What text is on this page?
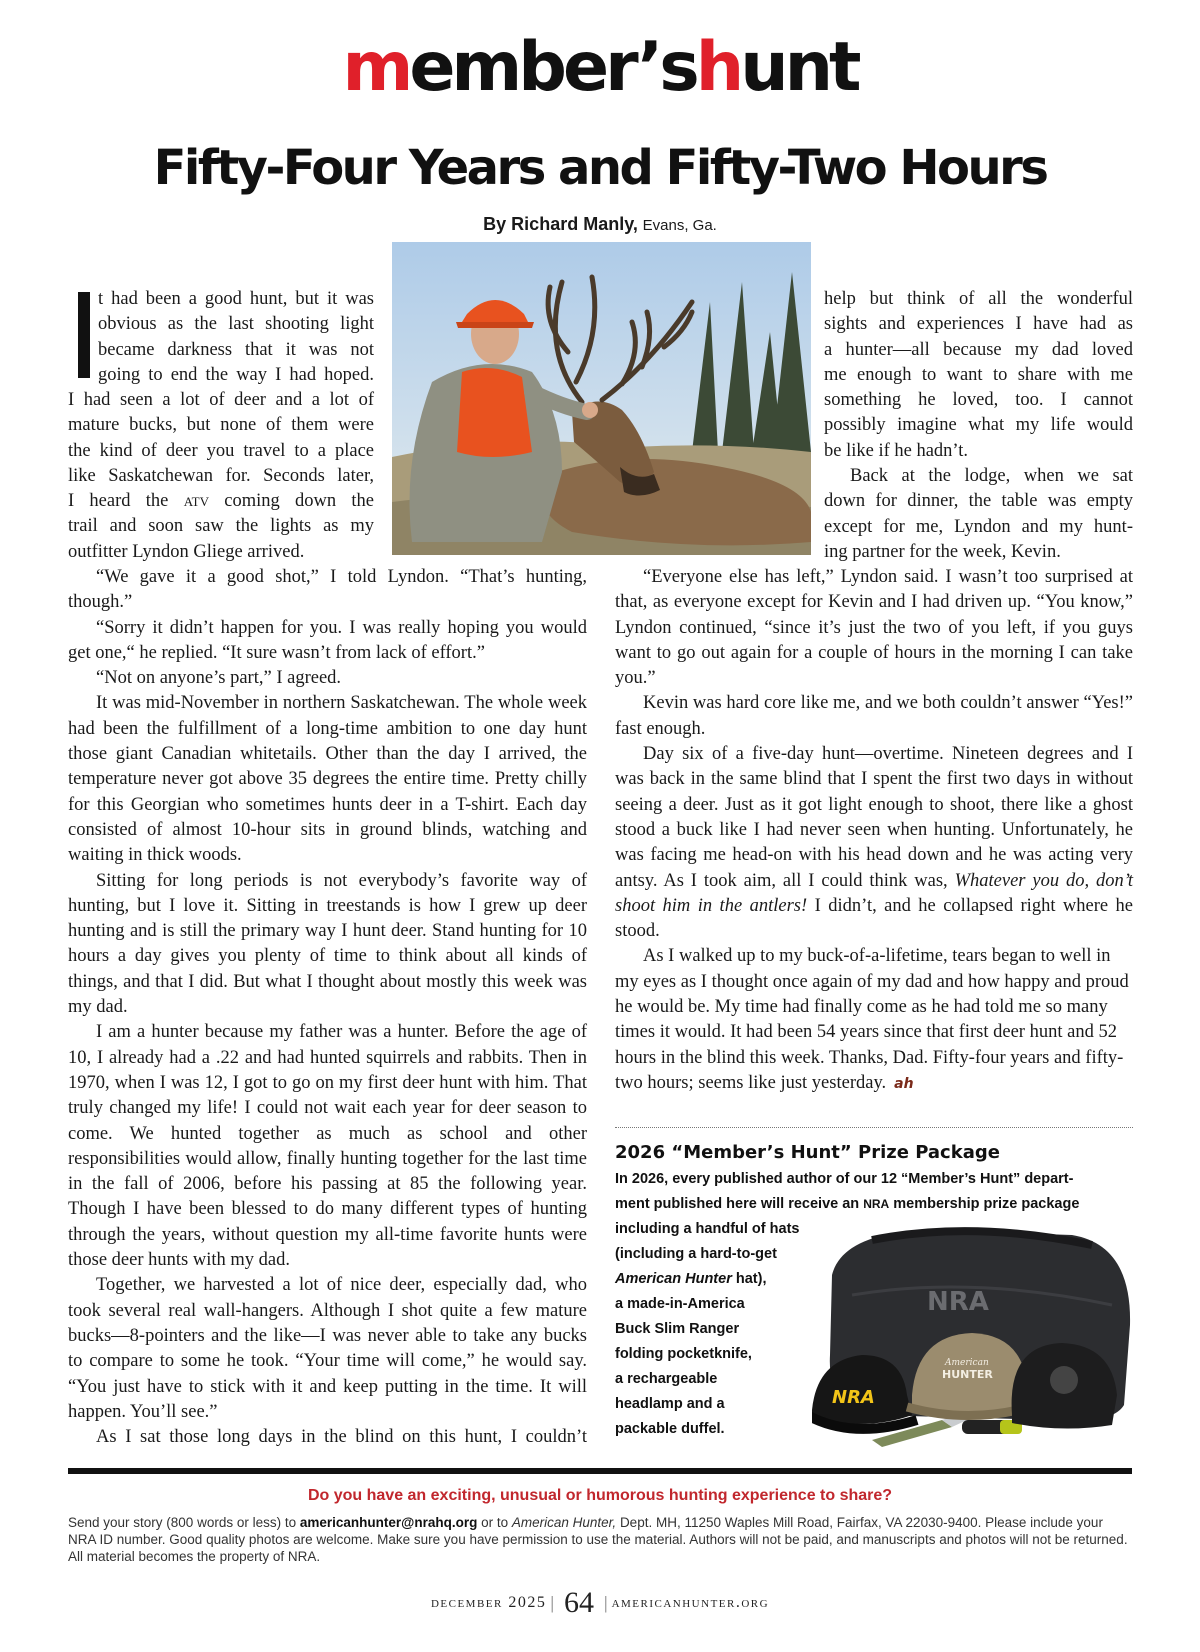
member’shunt
Fifty-Four Years and Fifty-Two Hours
By Richard Manly, Evans, Ga.
t had been a good hunt, but it was
obvious as the last shooting light
became darkness that it was not
going to end the way I had hoped.
I had seen a lot of deer and a lot of
mature bucks, but none of them were
the kind of deer you travel to a place
like Saskatchewan for. Seconds later,
I heard the atv coming down the
trail and soon saw the lights as my
outfitter Lyndon Gliege arrived.

“We gave it a good shot,” I told Lyndon. “That’s hunting, though.”

“Sorry it didn’t happen for you. I was really hoping you would get one,“ he replied. “It sure wasn’t from lack of effort.”

“Not on anyone’s part,” I agreed.

It was mid-November in northern Saskatchewan. The whole week had been the fulfillment of a long-time ambition to one day hunt those giant Canadian whitetails. Other than the day I arrived, the temperature never got above 35 degrees the entire time. Pretty chilly for this Georgian who sometimes hunts deer in a T-shirt. Each day consisted of almost 10-hour sits in ground blinds, watching and waiting in thick woods.

Sitting for long periods is not everybody’s favorite way of hunting, but I love it. Sitting in treestands is how I grew up deer hunting and is still the primary way I hunt deer. Stand hunting for 10 hours a day gives you plenty of time to think about all kinds of things, and that I did. But what I thought about mostly this week was my dad.

I am a hunter because my father was a hunter. Before the age of 10, I already had a .22 and had hunted squirrels and rabbits. Then in 1970, when I was 12, I got to go on my first deer hunt with him. That truly changed my life! I could not wait each year for deer season to come. We hunted together as much as school and other responsibilities would allow, finally hunting together for the last time in the fall of 2006, before his passing at 85 the following year. Though I have been blessed to do many different types of hunting through the years, without question my all-time favorite hunts were those deer hunts with my dad.

Together, we harvested a lot of nice deer, especially dad, who took several real wall-hangers. Although I shot quite a few mature bucks—8-pointers and the like—I was never able to take any bucks to compare to some he took. “Your time will come,” he would say. “You just have to stick with it and keep putting in the time. It will happen. You’ll see.”

As I sat those long days in the blind on this hunt, I couldn’t

help but think of all the wonderful
sights and experiences I have had as
a hunter—all because my dad loved
me enough to want to share with me
something he loved, too. I cannot
possibly imagine what my life would
be like if he hadn’t.
Back at the lodge, when we sat
down for dinner, the table was empty
except for me, Lyndon and my hunt-
ing partner for the week, Kevin.

“Everyone else has left,” Lyndon said. I wasn’t too surprised at that, as everyone except for Kevin and I had driven up. “You know,” Lyndon continued, “since it’s just the two of you left, if you guys want to go out again for a couple of hours in the morning I can take you.”

Kevin was hard core like me, and we both couldn’t answer “Yes!” fast enough.

Day six of a five-day hunt—overtime. Nineteen degrees and I was back in the same blind that I spent the first two days in without seeing a deer. Just as it got light enough to shoot, there like a ghost stood a buck like I had never seen when hunting. Unfortunately, he was facing me head-on with his head down and he was acting very antsy. As I took aim, all I could think was, Whatever you do, don’t shoot him in the antlers! I didn’t, and he collapsed right where he stood.

As I walked up to my buck-of-a-lifetime, tears began to well in my eyes as I thought once again of my dad and how happy and proud he would be. My time had finally come as he had told me so many times it would. It had been 54 years since that first deer hunt and 52 hours in the blind this week. Thanks, Dad. Fifty-four years and fifty-two hours; seems like just yesterday. ah

2026 “Member’s Hunt” Prize Package
In 2026, every published author of our 12 “Member’s Hunt” depart-
ment published here will receive an NRA membership prize package
including a handful of hats
(including a hard-to-get
American Hunter hat),
a made-in-America
Buck Slim Ranger
folding pocketknife,
a rechargeable
headlamp and a
packable duffel.
NRA
NRA
American
HUNTER
Do you have an exciting, unusual or humorous hunting experience to share?
Send your story (800 words or less) to americanhunter@nrahq.org or to American Hunter, Dept. MH, 11250 Waples Mill Road, Fairfax, VA 22030-9400. Please include your NRA ID number. Good quality photos are welcome. Make sure you have permission to use the material. Authors will not be paid, and manuscripts and photos will not be returned. All material becomes the property of NRA.
december 2025 | 64 | americanhunter.org
